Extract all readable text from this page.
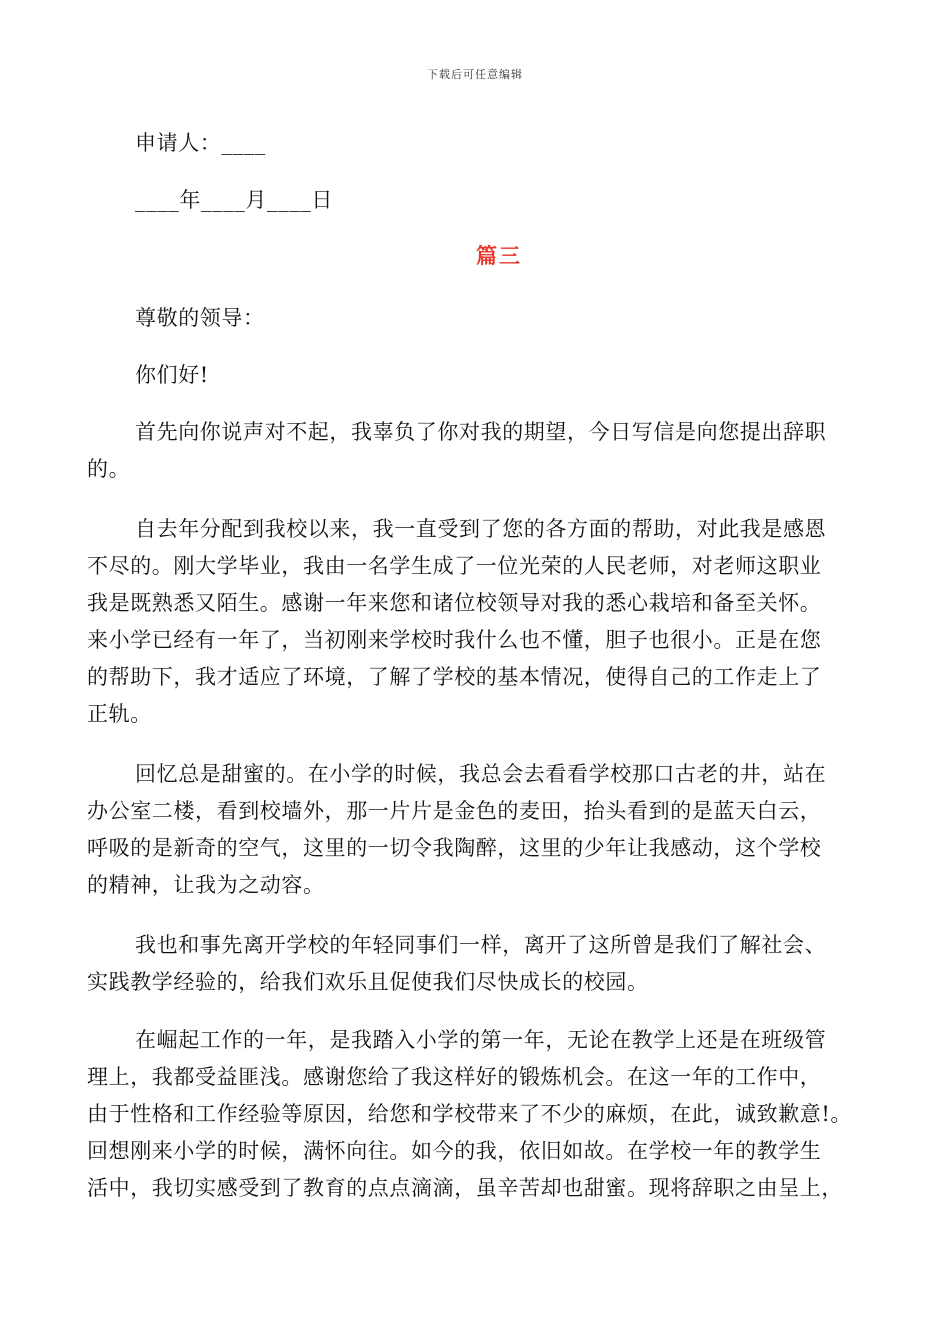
下载后可任意编辑
申请人：____
____年____月____日
篇三
尊敬的领导：
你们好!
首先向你说声对不起，我辜负了你对我的期望，今日写信是向您提出辞职
的。
自去年分配到我校以来，我一直受到了您的各方面的帮助，对此我是感恩
不尽的。刚大学毕业，我由一名学生成了一位光荣的人民老师，对老师这职业
我是既熟悉又陌生。感谢一年来您和诸位校领导对我的悉心栽培和备至关怀。
来小学已经有一年了，当初刚来学校时我什么也不懂，胆子也很小。正是在您
的帮助下，我才适应了环境，了解了学校的基本情况，使得自己的工作走上了
正轨。
回忆总是甜蜜的。在小学的时候，我总会去看看学校那口古老的井，站在
办公室二楼，看到校墙外，那一片片是金色的麦田，抬头看到的是蓝天白云，
呼吸的是新奇的空气，这里的一切令我陶醉，这里的少年让我感动，这个学校
的精神，让我为之动容。
我也和事先离开学校的年轻同事们一样，离开了这所曾是我们了解社会、
实践教学经验的，给我们欢乐且促使我们尽快成长的校园。
在崛起工作的一年，是我踏入小学的第一年，无论在教学上还是在班级管
理上，我都受益匪浅。感谢您给了我这样好的锻炼机会。在这一年的工作中，
由于性格和工作经验等原因，给您和学校带来了不少的麻烦，在此，诚致歉意!。
回想刚来小学的时候，满怀向往。如今的我，依旧如故。在学校一年的教学生
活中，我切实感受到了教育的点点滴滴，虽辛苦却也甜蜜。现将辞职之由呈上，
